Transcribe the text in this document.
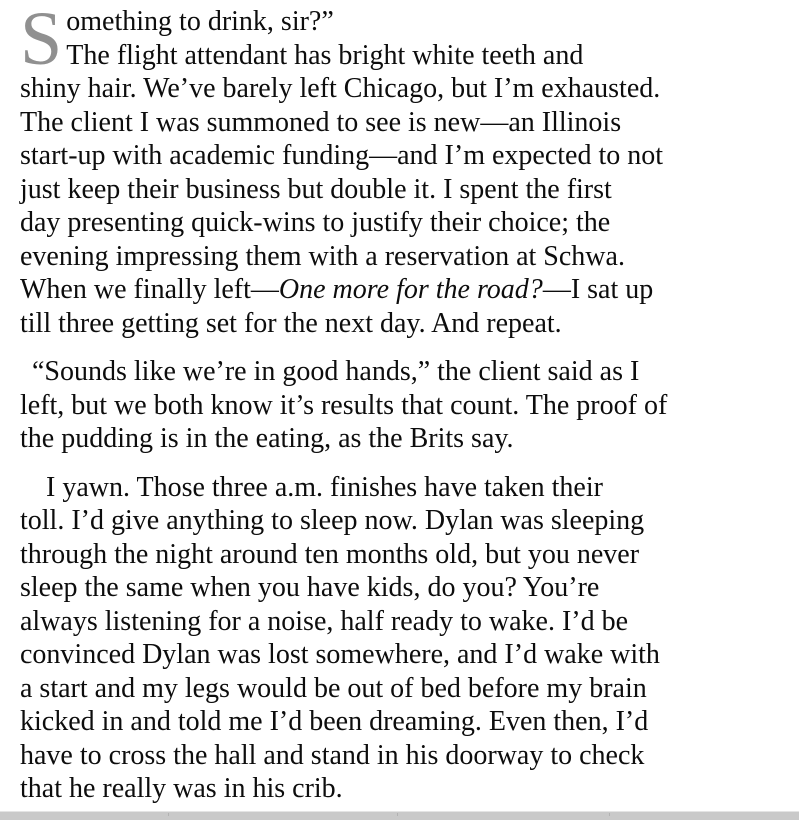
S omething to drink, sir?”
The flight attendant has bright white teeth and
shiny hair. We’ve barely left Chicago, but I’m exhausted.
The client I was summoned to see is new—an Illinois
start-up with academic funding—and I’m expected to not
just keep their business but double it. I spent the first
day presenting quick-wins to justify their choice; the
evening impressing them with a reservation at Schwa.
When we finally left—One more for the road?—I sat up
till three getting set for the next day. And repeat.
“Sounds like we’re in good hands,” the client said as I
left, but we both know it’s results that count. The proof of
the pudding is in the eating, as the Brits say.
I yawn. Those three a.m. finishes have taken their
toll. I’d give anything to sleep now. Dylan was sleeping
through the night around ten months old, but you never
sleep the same when you have kids, do you? You’re
always listening for a noise, half ready to wake. I’d be
convinced Dylan was lost somewhere, and I’d wake with
a start and my legs would be out of bed before my brain
kicked in and told me I’d been dreaming. Even then, I’d
have to cross the hall and stand in his doorway to check
that he really was in his crib.
